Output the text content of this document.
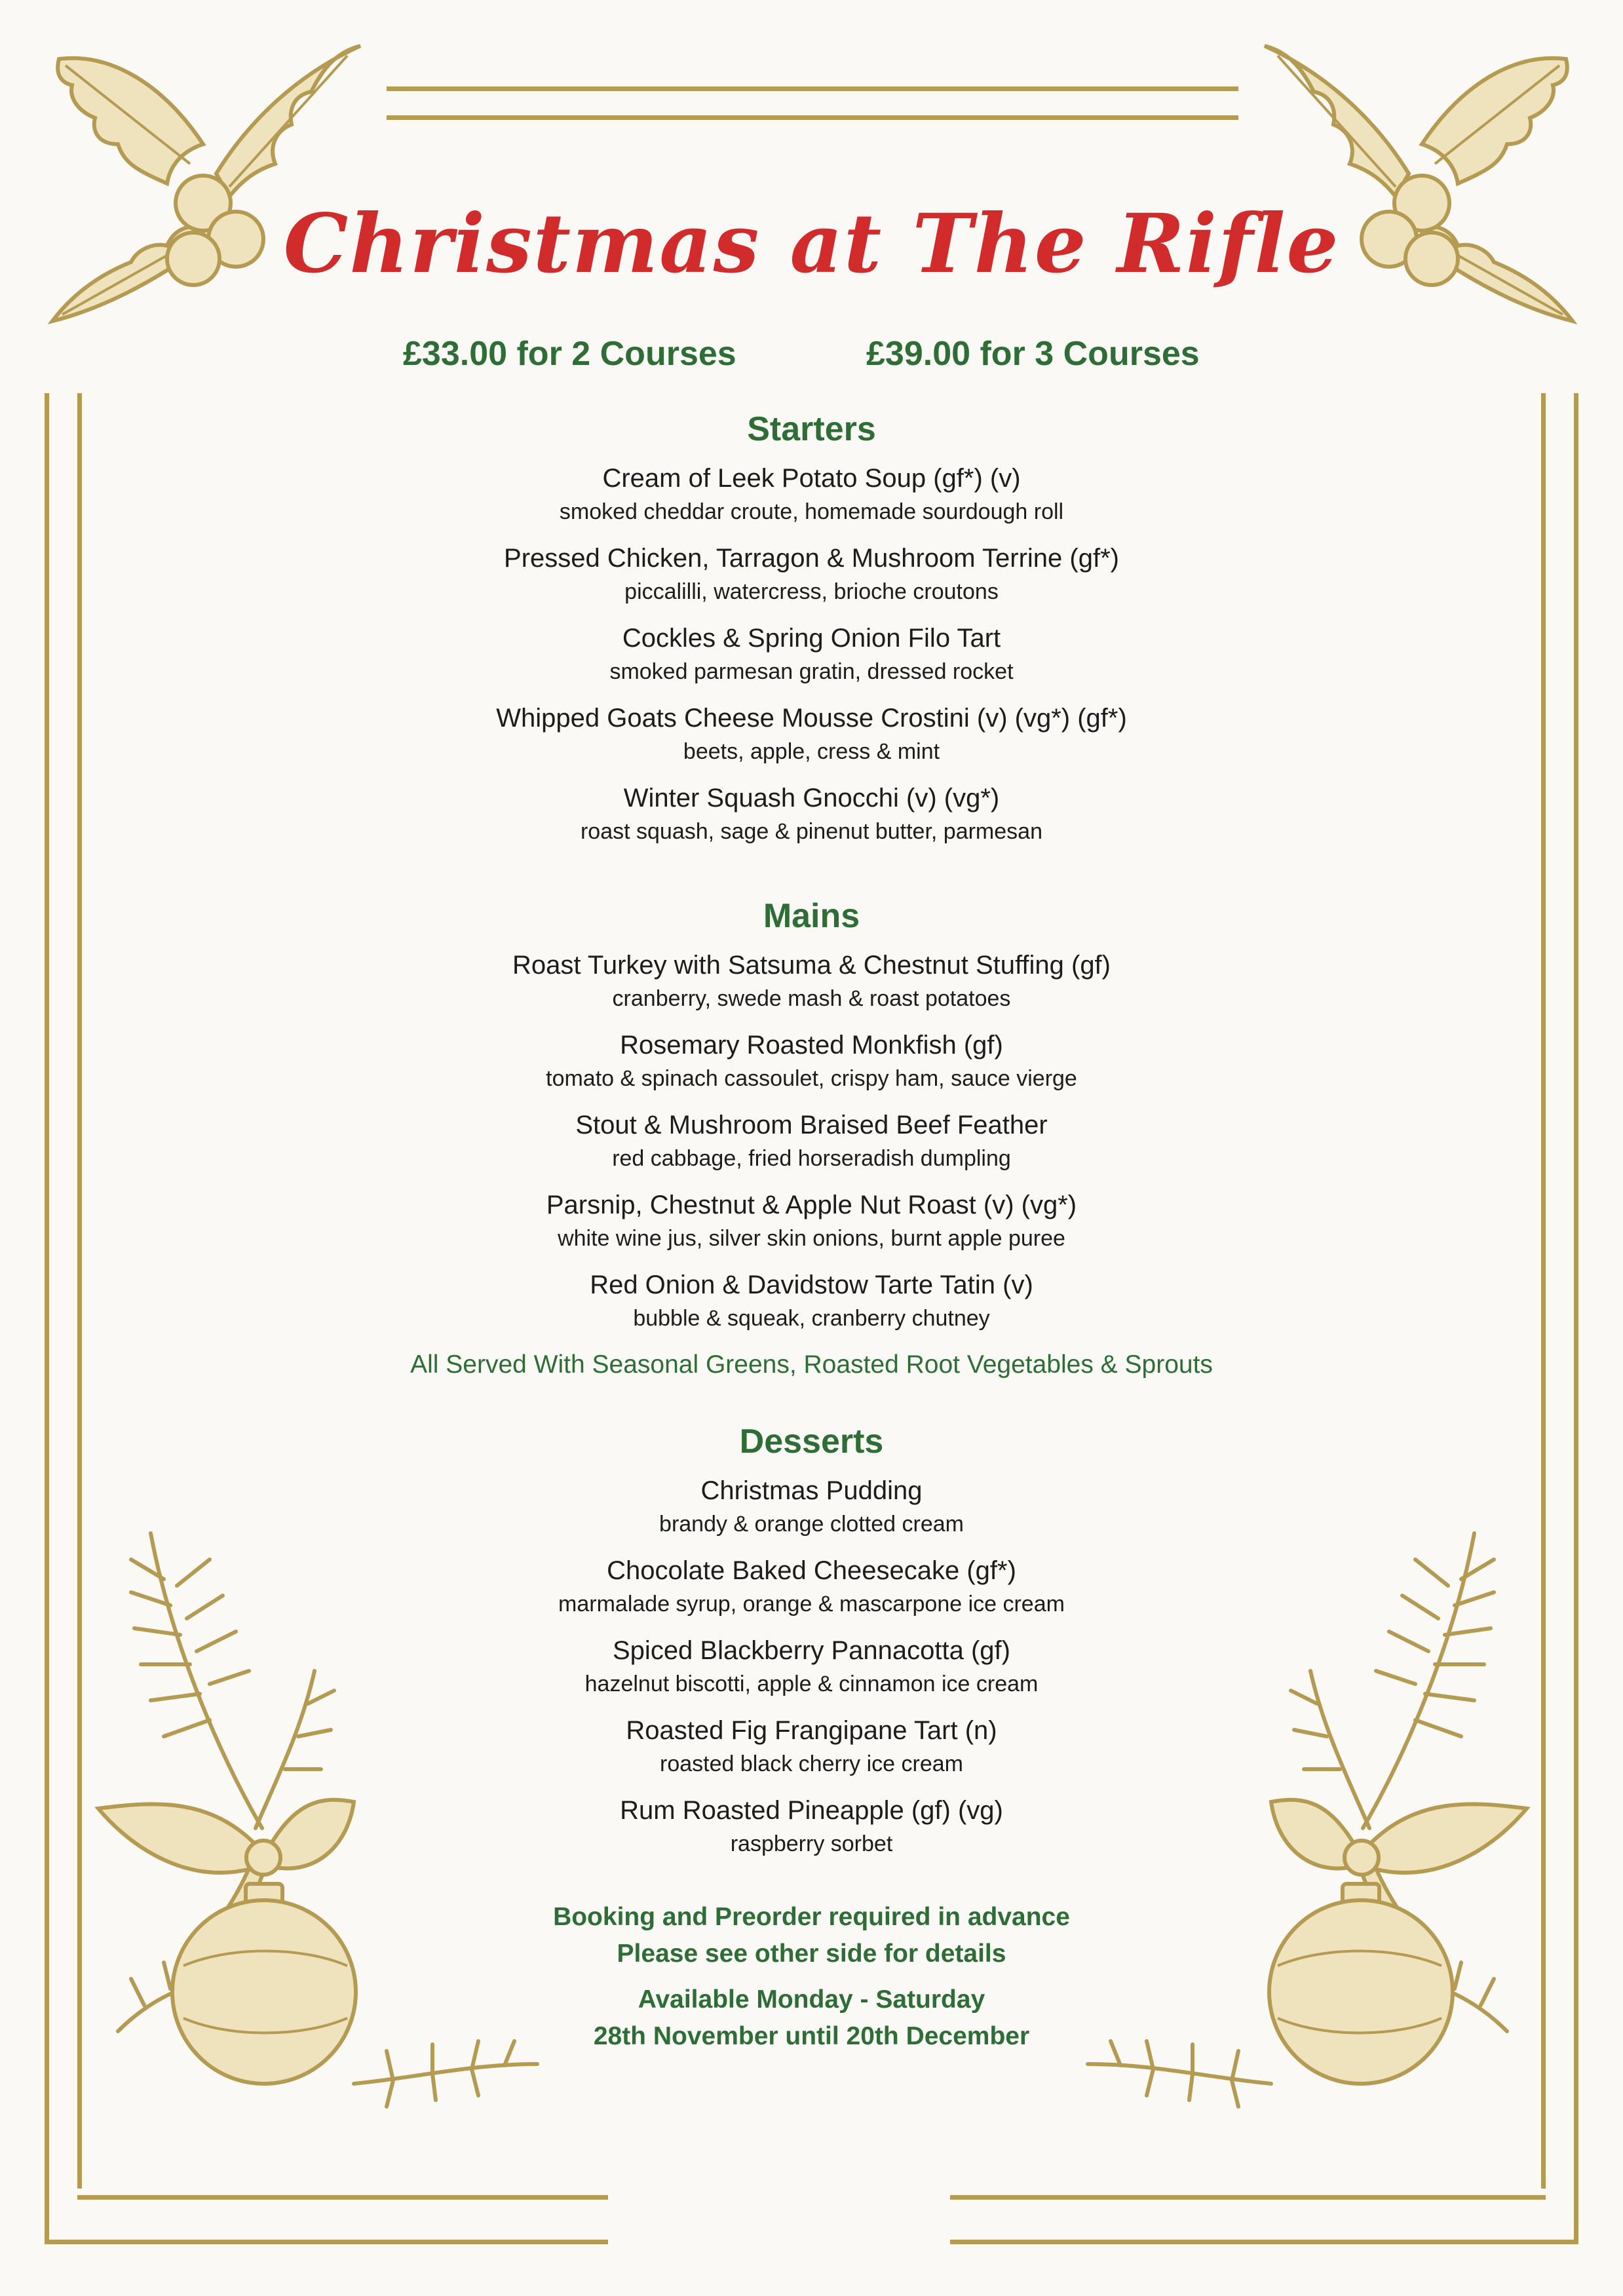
Christmas at The Rifle
£33.00 for 2 Courses	£39.00 for 3 Courses
Starters
Cream of Leek Potato Soup (gf*) (v)
smoked cheddar croute, homemade sourdough roll
Pressed Chicken, Tarragon & Mushroom Terrine (gf*)
piccalilli, watercress, brioche croutons
Cockles & Spring Onion Filo Tart
smoked parmesan gratin, dressed rocket
Whipped Goats Cheese Mousse Crostini (v) (vg*) (gf*)
beets, apple, cress & mint
Winter Squash Gnocchi (v) (vg*)
roast squash, sage & pinenut butter, parmesan
Mains
Roast Turkey with Satsuma & Chestnut Stuffing (gf)
cranberry, swede mash & roast potatoes
Rosemary Roasted Monkfish (gf)
tomato & spinach cassoulet, crispy ham, sauce vierge
Stout & Mushroom Braised Beef Feather
red cabbage, fried horseradish dumpling
Parsnip, Chestnut & Apple Nut Roast (v) (vg*)
white wine jus, silver skin onions, burnt apple puree
Red Onion & Davidstow Tarte Tatin (v)
bubble & squeak, cranberry chutney
All Served With Seasonal Greens, Roasted Root Vegetables & Sprouts
Desserts
Christmas Pudding
brandy & orange clotted cream
Chocolate Baked Cheesecake (gf*)
marmalade syrup, orange & mascarpone ice cream
Spiced Blackberry Pannacotta (gf)
hazelnut biscotti, apple & cinnamon ice cream
Roasted Fig Frangipane Tart (n)
roasted black cherry ice cream
Rum Roasted Pineapple (gf) (vg)
raspberry sorbet
Booking and Preorder required in advance
Please see other side for details
Available Monday - Saturday
28th November until 20th December
